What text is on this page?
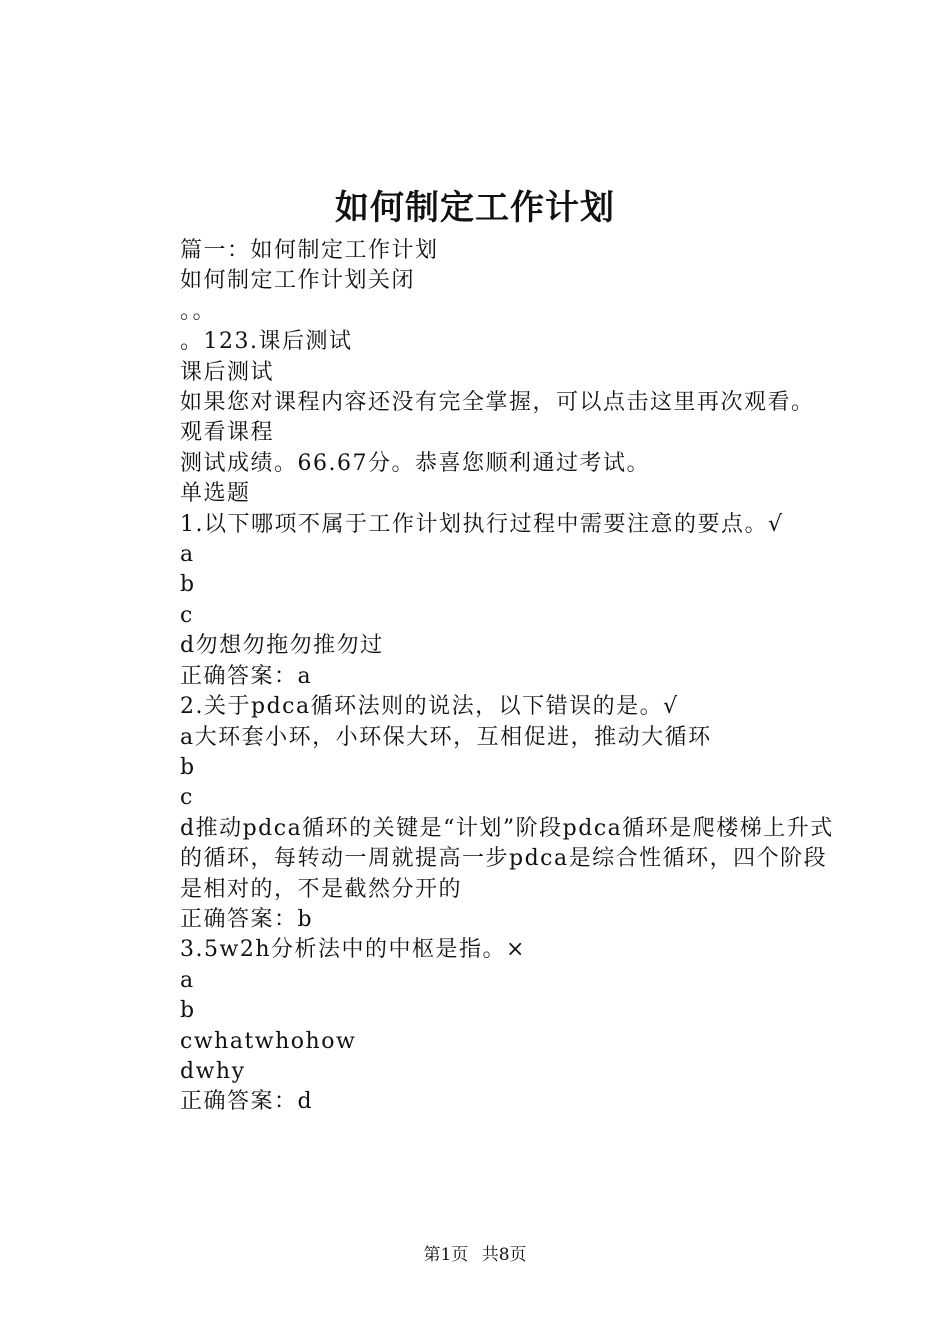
如何制定工作计划
篇一：如何制定工作计划
如何制定工作计划关闭
。。
。123.课后测试
课后测试
如果您对课程内容还没有完全掌握，可以点击这里再次观看。
观看课程
测试成绩。66.67分。恭喜您顺利通过考试。
单选题
1.以下哪项不属于工作计划执行过程中需要注意的要点。√
a
b
c
d勿想勿拖勿推勿过
正确答案：a
2.关于pdca循环法则的说法，以下错误的是。√
a大环套小环，小环保大环，互相促进，推动大循环
b
c
d推动pdca循环的关键是“计划”阶段pdca循环是爬楼梯上升式的循环，每转动一周就提高一步pdca是综合性循环，四个阶段是相对的，不是截然分开的
正确答案：b
3.5w2h分析法中的中枢是指。×
a
b
cwhatwhohow
dwhy
正确答案：d
第1页 共8页
